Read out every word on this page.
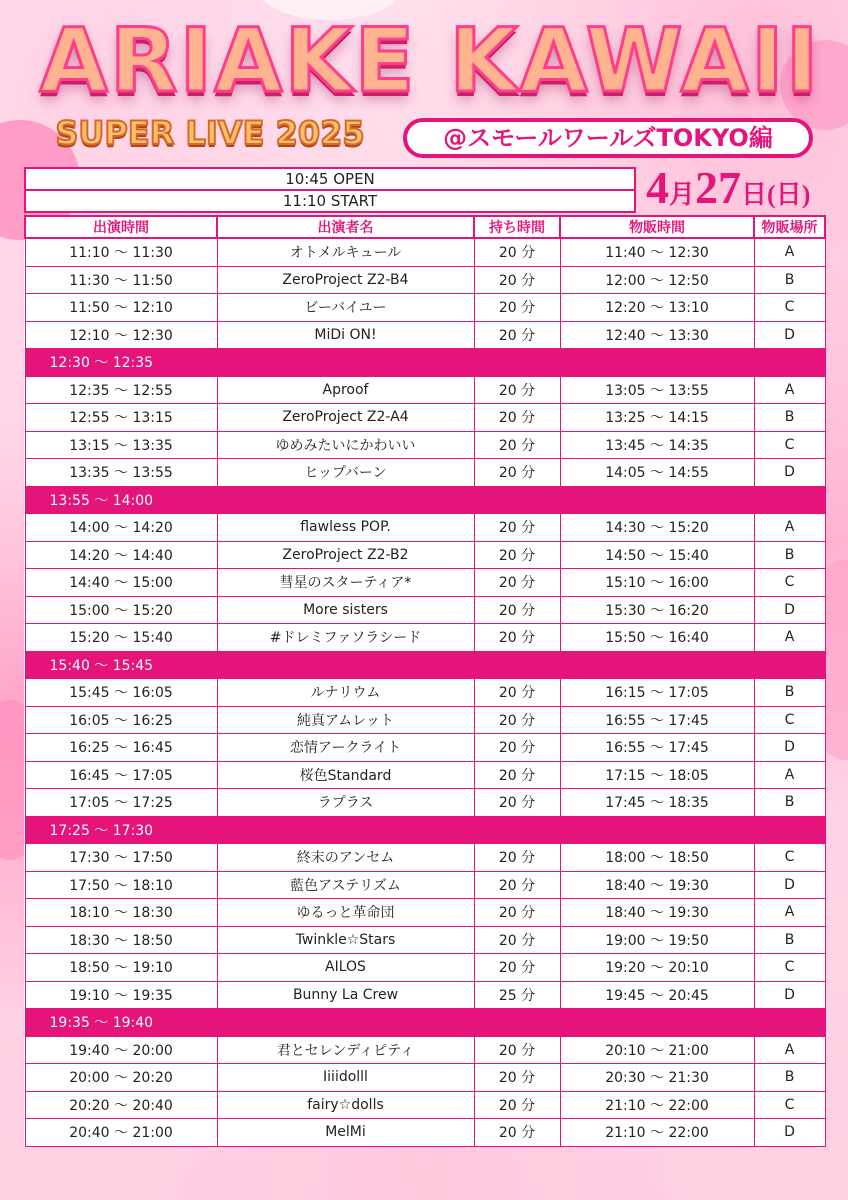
ARIAKE KAWAII
SUPER LIVE 2025	@スモールワールズTOKYO編
10:45 OPEN
11:10 START	4月27日(日)
出演時間	出演者名	持ち時間	物販時間	物販場所
11:10 ～ 11:30	オトメルキュール	20 分	11:40 ～ 12:30	A
11:30 ～ 11:50	ZeroProject Z2-B4	20 分	12:00 ～ 12:50	B
11:50 ～ 12:10	ビーバイユー	20 分	12:20 ～ 13:10	C
12:10 ～ 12:30	MiDi ON!	20 分	12:40 ～ 13:30	D
12:30 ～ 12:35				
12:35 ～ 12:55	Aproof	20 分	13:05 ～ 13:55	A
12:55 ～ 13:15	ZeroProject Z2-A4	20 分	13:25 ～ 14:15	B
13:15 ～ 13:35	ゆめみたいにかわいい	20 分	13:45 ～ 14:35	C
13:35 ～ 13:55	ヒップバーン	20 分	14:05 ～ 14:55	D
13:55 ～ 14:00				
14:00 ～ 14:20	flawless POP.	20 分	14:30 ～ 15:20	A
14:20 ～ 14:40	ZeroProject Z2-B2	20 分	14:50 ～ 15:40	B
14:40 ～ 15:00	彗星のスターティア*	20 分	15:10 ～ 16:00	C
15:00 ～ 15:20	More sisters	20 分	15:30 ～ 16:20	D
15:20 ～ 15:40	#ドレミファソラシード	20 分	15:50 ～ 16:40	A
15:40 ～ 15:45				
15:45 ～ 16:05	ルナリウム	20 分	16:15 ～ 17:05	B
16:05 ～ 16:25	純真アムレット	20 分	16:55 ～ 17:45	C
16:25 ～ 16:45	恋情アークライト	20 分	16:55 ～ 17:45	D
16:45 ～ 17:05	桜色Standard	20 分	17:15 ～ 18:05	A
17:05 ～ 17:25	ラプラス	20 分	17:45 ～ 18:35	B
17:25 ～ 17:30				
17:30 ～ 17:50	終末のアンセム	20 分	18:00 ～ 18:50	C
17:50 ～ 18:10	藍色アステリズム	20 分	18:40 ～ 19:30	D
18:10 ～ 18:30	ゆるっと革命団	20 分	18:40 ～ 19:30	A
18:30 ～ 18:50	Twinkle☆Stars	20 分	19:00 ～ 19:50	B
18:50 ～ 19:10	AILOS	20 分	19:20 ～ 20:10	C
19:10 ～ 19:35	Bunny La Crew	25 分	19:45 ～ 20:45	D
19:35 ～ 19:40				
19:40 ～ 20:00	君とセレンディピティ	20 分	20:10 ～ 21:00	A
20:00 ～ 20:20	Iiiidolll	20 分	20:30 ～ 21:30	B
20:20 ～ 20:40	fairy☆dolls	20 分	21:10 ～ 22:00	C
20:40 ～ 21:00	MelMi	20 分	21:10 ～ 22:00	D
